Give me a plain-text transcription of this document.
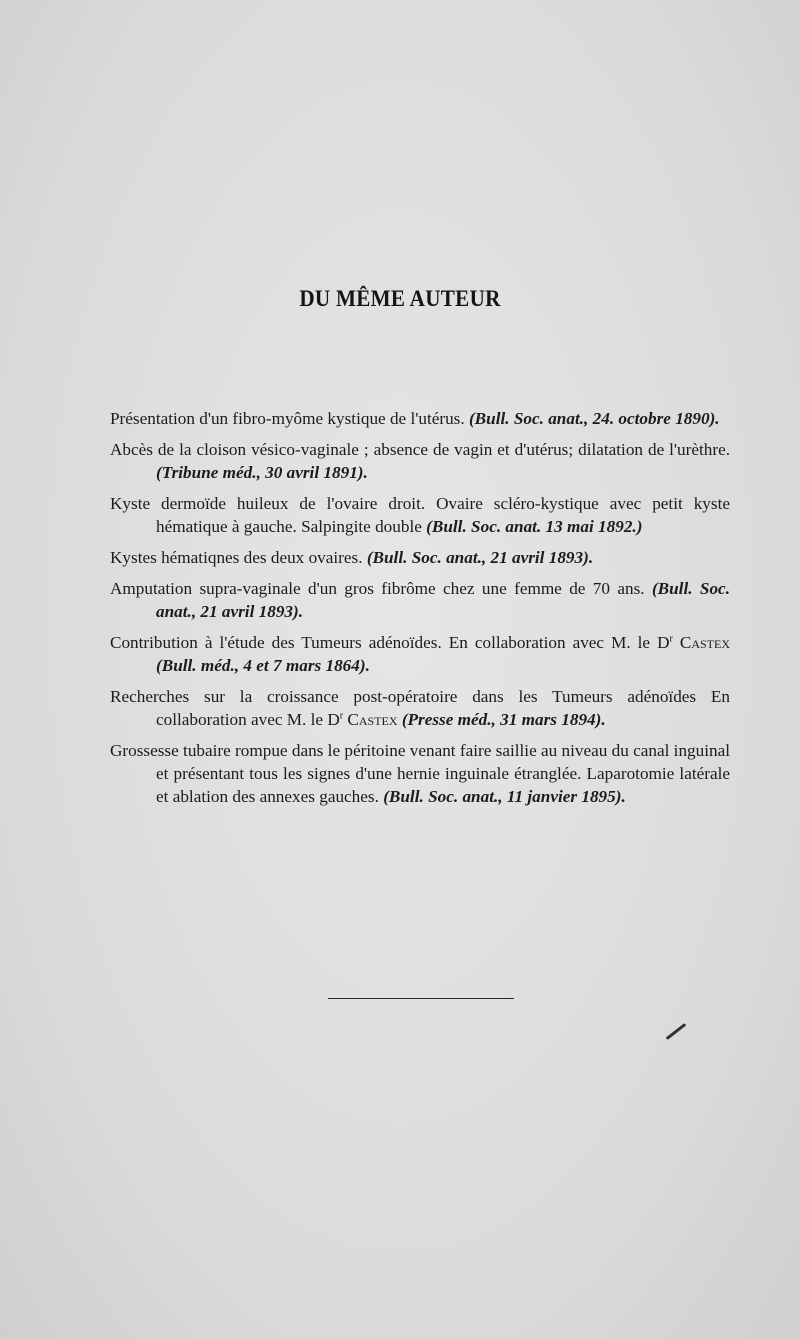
DU MÊME AUTEUR

Présentation d'un fibro-myôme kystique de l'utérus. (Bull. Soc. anat., 24. octobre 1890).

Abcès de la cloison vésico-vaginale ; absence de vagin et d'utérus; dilatation de l'urèthre. (Tribune méd., 30 avril 1891).

Kyste dermoïde huileux de l'ovaire droit. Ovaire scléro-kystique avec petit kyste hématique à gauche. Salpingite double (Bull. Soc. anat. 13 mai 1892.)

Kystes hématiqnes des deux ovaires. (Bull. Soc. anat., 21 avril 1893).

Amputation supra-vaginale d'un gros fibrôme chez une femme de 70 ans. (Bull. Soc. anat., 21 avril 1893).

Contribution à l'étude des Tumeurs adénoïdes. En collaboration avec M. le $D^r$ Castex (Bull. méd., 4 et 7 mars 1864).

Recherches sur la croissance post-opératoire dans les Tumeurs adénoïdes En collaboration avec M. le $D^r$ Castex (Presse méd., 31 mars 1894).

Grossesse tubaire rompue dans le péritoine venant faire saillie au niveau du canal inguinal et présentant tous les signes d'une hernie inguinale étranglée. Laparotomie latérale et ablation des annexes gauches. (Bull. Soc. anat., 11 janvier 1895).
